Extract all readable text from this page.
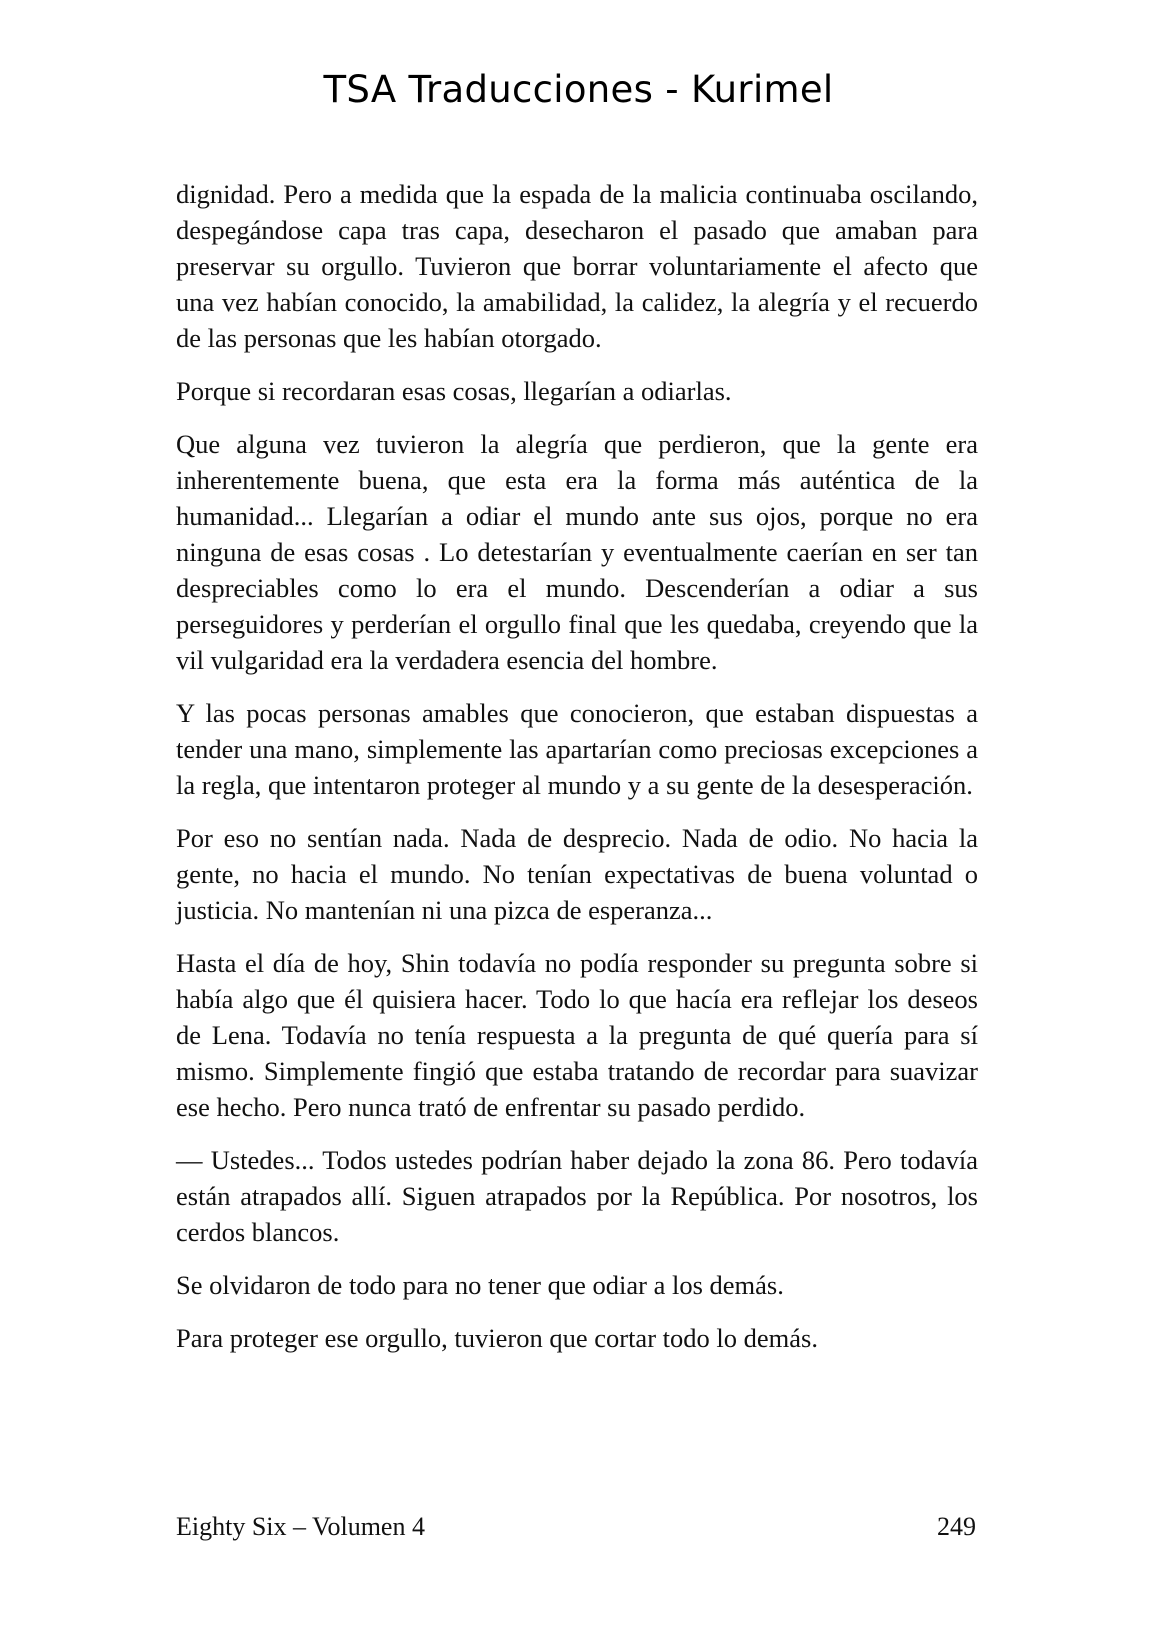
TSA Traducciones - Kurimel

dignidad. Pero a medida que la espada de la malicia continuaba oscilando, despegándose capa tras capa, desecharon el pasado que amaban para preservar su orgullo. Tuvieron que borrar voluntariamente el afecto que una vez habían conocido, la amabilidad, la calidez, la alegría y el recuerdo de las personas que les habían otorgado.

Porque si recordaran esas cosas, llegarían a odiarlas.

Que alguna vez tuvieron la alegría que perdieron, que la gente era inherentemente buena, que esta era la forma más auténtica de la humanidad... Llegarían a odiar el mundo ante sus ojos, porque no era ninguna de esas cosas . Lo detestarían y eventualmente caerían en ser tan despreciables como lo era el mundo. Descenderían a odiar a sus perseguidores y perderían el orgullo final que les quedaba, creyendo que la vil vulgaridad era la verdadera esencia del hombre.

Y las pocas personas amables que conocieron, que estaban dispuestas a tender una mano, simplemente las apartarían como preciosas excepciones a la regla, que intentaron proteger al mundo y a su gente de la desesperación.

Por eso no sentían nada. Nada de desprecio. Nada de odio. No hacia la gente, no hacia el mundo. No tenían expectativas de buena voluntad o justicia. No mantenían ni una pizca de esperanza...

Hasta el día de hoy, Shin todavía no podía responder su pregunta sobre si había algo que él quisiera hacer. Todo lo que hacía era reflejar los deseos de Lena. Todavía no tenía respuesta a la pregunta de qué quería para sí mismo. Simplemente fingió que estaba tratando de recordar para suavizar ese hecho. Pero nunca trató de enfrentar su pasado perdido.

— Ustedes... Todos ustedes podrían haber dejado la zona 86. Pero todavía están atrapados allí. Siguen atrapados por la República. Por nosotros, los cerdos blancos.

Se olvidaron de todo para no tener que odiar a los demás.

Para proteger ese orgullo, tuvieron que cortar todo lo demás.

Eighty Six – Volumen 4	249
